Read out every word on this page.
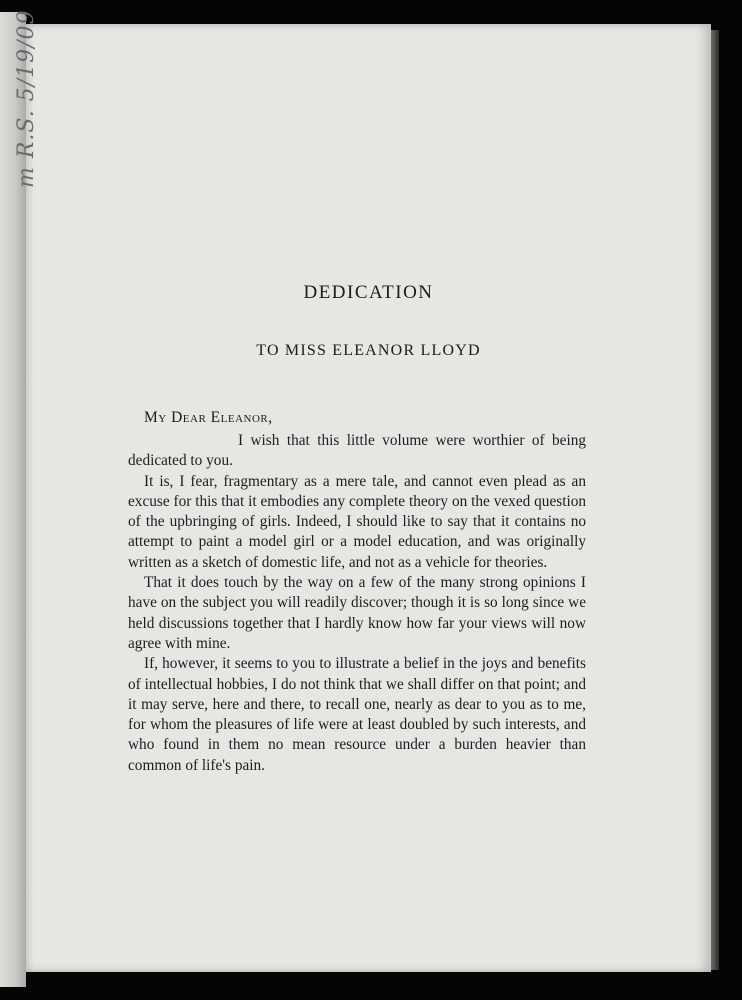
DEDICATION
TO MISS ELEANOR LLOYD
My Dear Eleanor,

I wish that this little volume were worthier of being dedicated to you.

It is, I fear, fragmentary as a mere tale, and cannot even plead as an excuse for this that it embodies any complete theory on the vexed question of the upbringing of girls. Indeed, I should like to say that it contains no attempt to paint a model girl or a model education, and was originally written as a sketch of domestic life, and not as a vehicle for theories.

That it does touch by the way on a few of the many strong opinions I have on the subject you will readily discover; though it is so long since we held discussions together that I hardly know how far your views will now agree with mine.

If, however, it seems to you to illustrate a belief in the joys and benefits of intellectual hobbies, I do not think that we shall differ on that point; and it may serve, here and there, to recall one, nearly as dear to you as to me, for whom the pleasures of life were at least doubled by such interests, and who found in them no mean resource under a burden heavier than common of life's pain.

m R.S. 5/19/09
